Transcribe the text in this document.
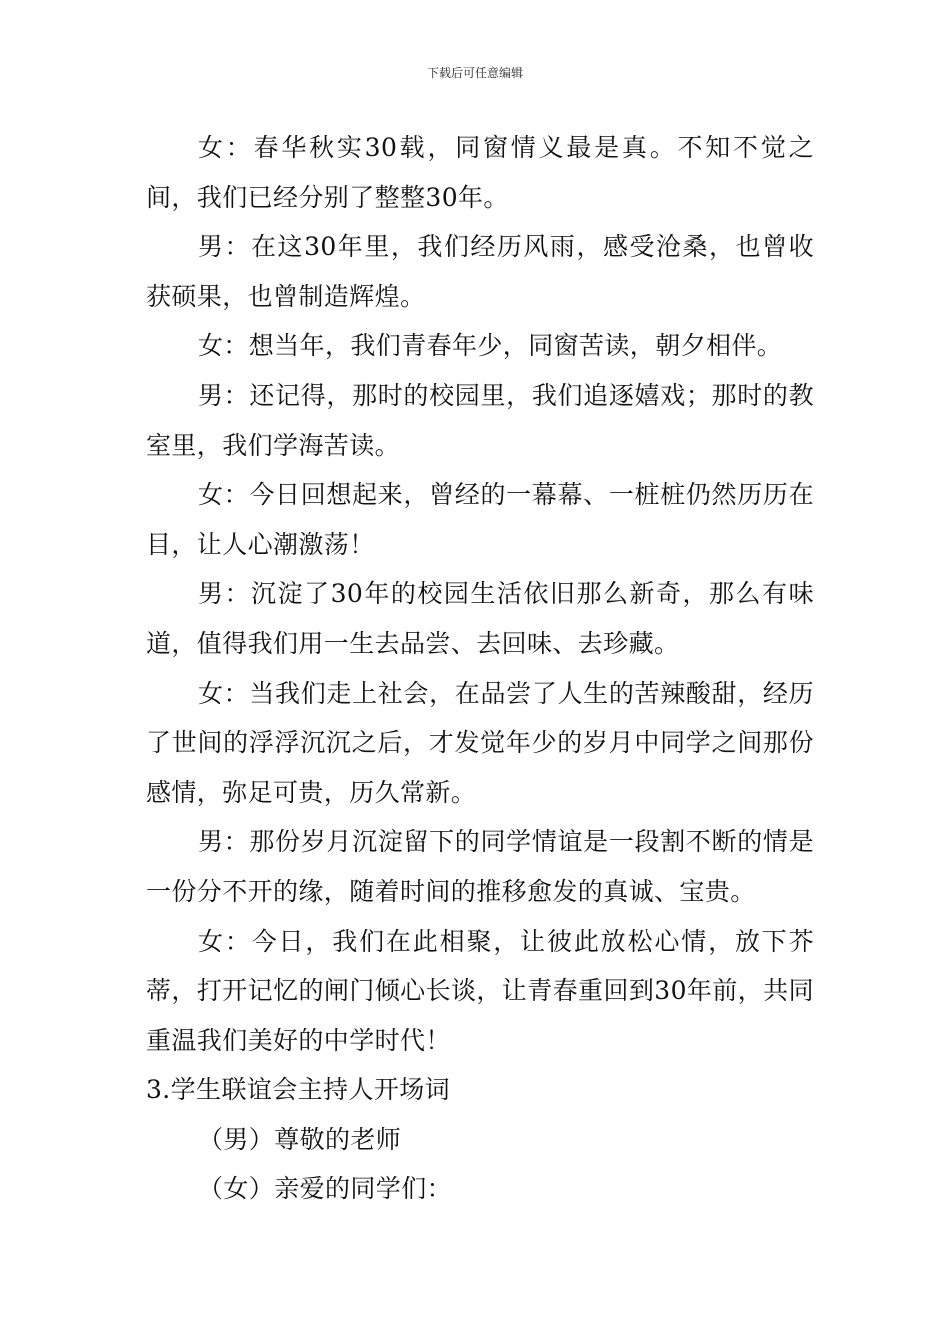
下载后可任意编辑

女：春华秋实30载，同窗情义最是真。不知不觉之间，我们已经分别了整整30年。

男：在这30年里，我们经历风雨，感受沧桑，也曾收获硕果，也曾制造辉煌。

女：想当年，我们青春年少，同窗苦读，朝夕相伴。

男：还记得，那时的校园里，我们追逐嬉戏；那时的教室里，我们学海苦读。

女：今日回想起来，曾经的一幕幕、一桩桩仍然历历在目，让人心潮激荡！

男：沉淀了30年的校园生活依旧那么新奇，那么有味道，值得我们用一生去品尝、去回味、去珍藏。

女：当我们走上社会，在品尝了人生的苦辣酸甜，经历了世间的浮浮沉沉之后，才发觉年少的岁月中同学之间那份感情，弥足可贵，历久常新。

男：那份岁月沉淀留下的同学情谊是一段割不断的情是一份分不开的缘，随着时间的推移愈发的真诚、宝贵。

女：今日，我们在此相聚，让彼此放松心情，放下芥蒂，打开记忆的闸门倾心长谈，让青春重回到30年前，共同重温我们美好的中学时代！

3.学生联谊会主持人开场词

（男）尊敬的老师

（女）亲爱的同学们：
